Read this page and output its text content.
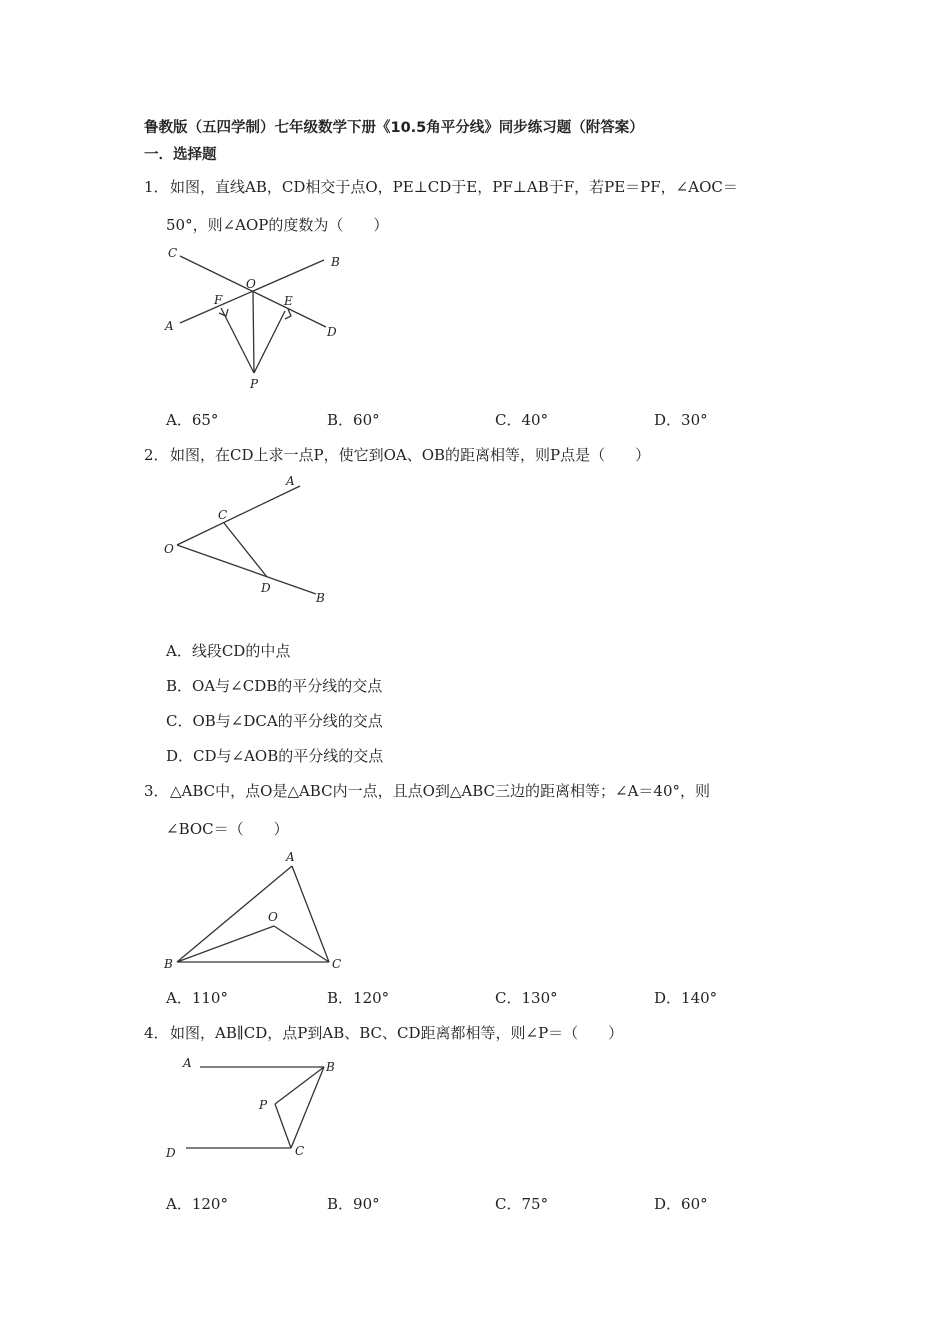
鲁教版（五四学制）七年级数学下册《10.5角平分线》同步练习题（附答案）
一．选择题
1． 如图，直线AB，CD相交于点O，PE⊥CD于E，PF⊥AB于F，若PE＝PF，∠AOC＝
50°，则∠AOP的度数为（　　）
C
B
O
F	E
A	D
P
A．65°	B．60°	C．40°	D．30°
2． 如图，在CD上求一点P，使它到OA、OB的距离相等，则P点是（　　）
A
C
O
D
B
A．线段CD的中点
B．OA与∠CDB的平分线的交点
C．OB与∠DCA的平分线的交点
D．CD与∠AOB的平分线的交点
3． △ABC中，点O是△ABC内一点，且点O到△ABC三边的距离相等；∠A＝40°，则
∠BOC＝（　　）
A
O
B	C
A．110°	B．120°	C．130°	D．140°
4． 如图，AB∥CD，点P到AB、BC、CD距离都相等，则∠P＝（　　）
A	B
P
D	C
A．120°	B．90°	C．75°	D．60°
